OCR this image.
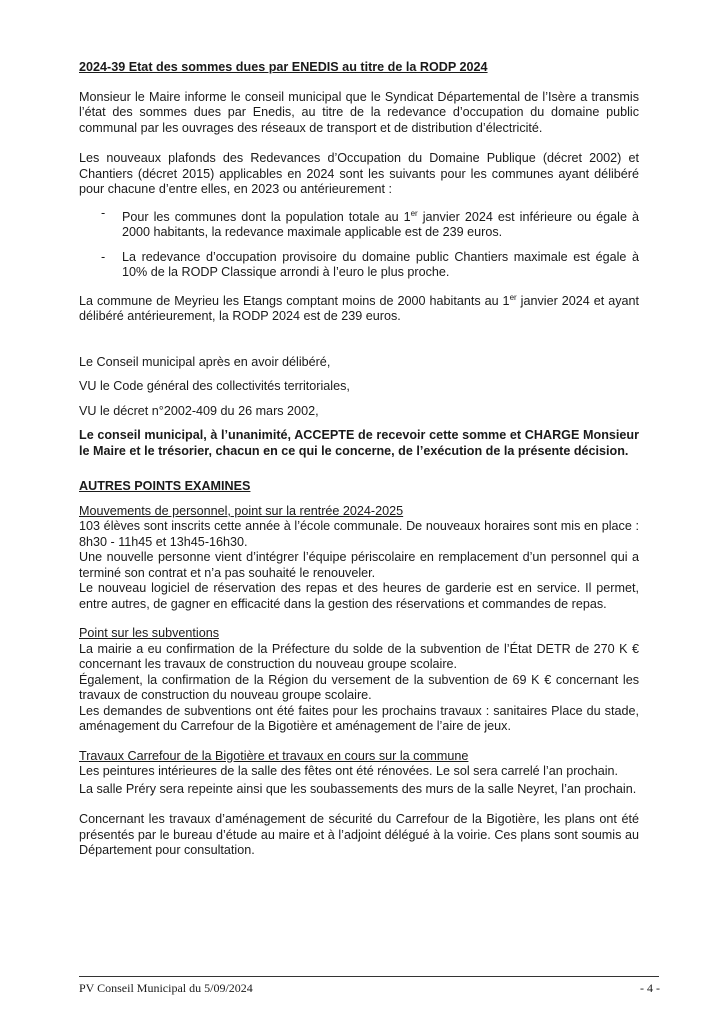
2024-39 Etat des sommes dues par ENEDIS au titre de la RODP 2024

Monsieur le Maire informe le conseil municipal que le Syndicat Départemental de l’Isère a transmis l’état des sommes dues par Enedis, au titre de la redevance d’occupation du domaine public communal par les ouvrages des réseaux de transport et de distribution d’électricité.

Les nouveaux plafonds des Redevances d’Occupation du Domaine Publique (décret 2002) et Chantiers (décret 2015) applicables en 2024 sont les suivants pour les communes ayant délibéré pour chacune d’entre elles, en 2023 ou antérieurement :

- Pour les communes dont la population totale au 1er janvier 2024 est inférieure ou égale à 2000 habitants, la redevance maximale applicable est de 239 euros.
- La redevance d’occupation provisoire du domaine public Chantiers maximale est égale à 10% de la RODP Classique arrondi à l’euro le plus proche.

La commune de Meyrieu les Etangs comptant moins de 2000 habitants au 1er janvier 2024 et ayant délibéré antérieurement, la RODP 2024 est de 239 euros.

Le Conseil municipal après en avoir délibéré,

VU le Code général des collectivités territoriales,

VU le décret n°2002-409 du 26 mars 2002,

Le conseil municipal, à l’unanimité, ACCEPTE de recevoir cette somme et CHARGE Monsieur le Maire et le trésorier, chacun en ce qui le concerne, de l’exécution de la présente décision.

AUTRES POINTS EXAMINES

Mouvements de personnel, point sur la rentrée 2024-2025

103 élèves sont inscrits cette année à l’école communale. De nouveaux horaires sont mis en place : 8h30 - 11h45 et 13h45-16h30.

Une nouvelle personne vient d’intégrer l’équipe périscolaire en remplacement d’un personnel qui a terminé son contrat et n’a pas souhaité le renouveler.

Le nouveau logiciel de réservation des repas et des heures de garderie est en service. Il permet, entre autres, de gagner en efficacité dans la gestion des réservations et commandes de repas.

Point sur les subventions

La mairie a eu confirmation de la Préfecture du solde de la subvention de l’État DETR de 270 K € concernant les travaux de construction du nouveau groupe scolaire.

Également, la confirmation de la Région du versement de la subvention de 69 K € concernant les travaux de construction du nouveau groupe scolaire.

Les demandes de subventions ont été faites pour les prochains travaux : sanitaires Place du stade, aménagement du Carrefour de la Bigotière et aménagement de l’aire de jeux.

Travaux Carrefour de la Bigotière et travaux en cours sur la commune

Les peintures intérieures de la salle des fêtes ont été rénovées. Le sol sera carrelé l’an prochain.

La salle Préry sera repeinte ainsi que les soubassements des murs de la salle Neyret, l’an prochain.

Concernant les travaux d’aménagement de sécurité du Carrefour de la Bigotière, les plans ont été présentés par le bureau d’étude au maire et à l’adjoint délégué à la voirie. Ces plans sont soumis au Département pour consultation.

PV Conseil Municipal du 5/09/2024	- 4 -
